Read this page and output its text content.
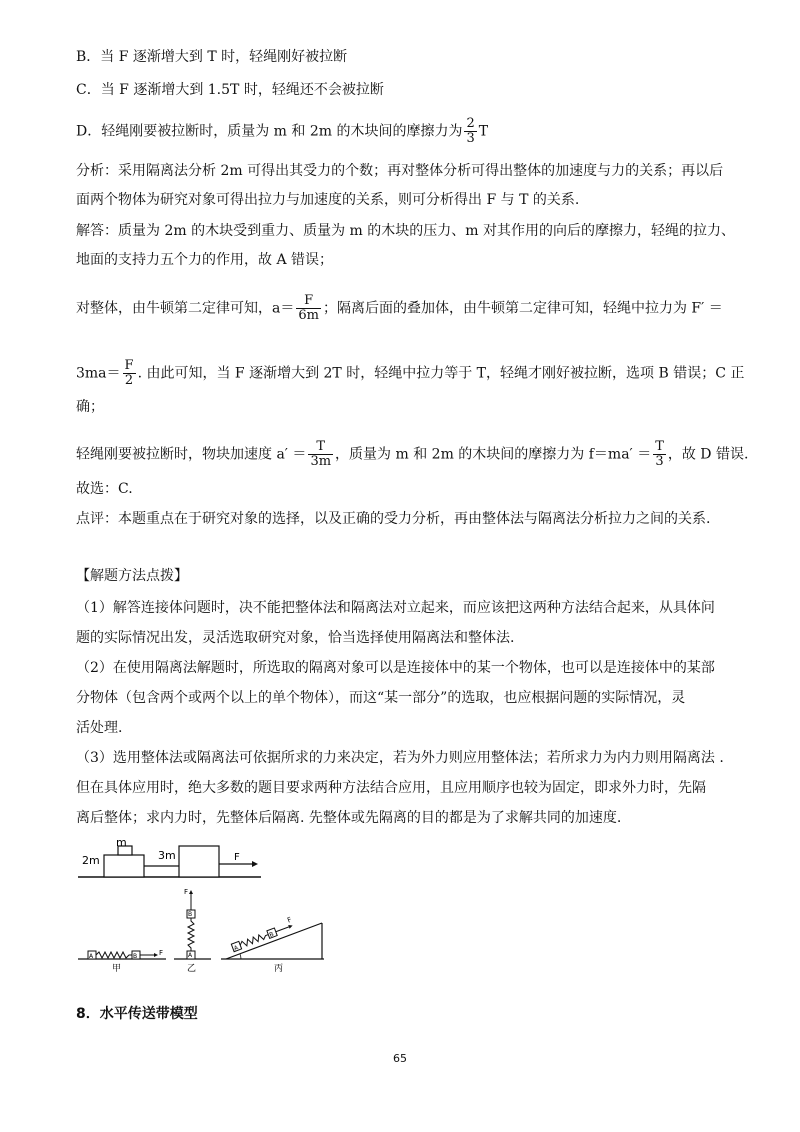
B．当 F 逐渐增大到 T 时，轻绳刚好被拉断
C．当 F 逐渐增大到 1.5T 时，轻绳还不会被拉断
D．轻绳刚要被拉断时，质量为 m 和 2m 的木块间的摩擦力为 $\frac{2}{3}$ T
分析：采用隔离法分析 2m 可得出其受力的个数；再对整体分析可得出整体的加速度与力的关系；再以后
面两个物体为研究对象可得出拉力与加速度的关系，则可分析得出 F 与 T 的关系.
解答：质量为 2m 的木块受到重力、质量为 m 的木块的压力、m 对其作用的向后的摩擦力，轻绳的拉力、
地面的支持力五个力的作用，故 A 错误；
对整体，由牛顿第二定律可知，$a= \frac{F}{6m}$ ；隔离后面的叠加体，由牛顿第二定律可知，轻绳中拉力为 F′ ＝
$3ma= \frac{F}{2}$ . 由此可知，当 F 逐渐增大到 2T 时，轻绳中拉力等于 T，轻绳才刚好被拉断，选项 B 错误；C 正
确；
轻绳刚要被拉断时，物块加速度 $a' = \frac{T}{3m}$ ，质量为 m 和 2m 的木块间的摩擦力为 $f=ma' = \frac{T}{3}$ ，故 D 错误.
故选：C.
点评：本题重点在于研究对象的选择，以及正确的受力分析，再由整体法与隔离法分析拉力之间的关系.
【解题方法点拨】
（1）解答连接体问题时，决不能把整体法和隔离法对立起来，而应该把这两种方法结合起来，从具体问
题的实际情况出发，灵活选取研究对象，恰当选择使用隔离法和整体法.
（2）在使用隔离法解题时，所选取的隔离对象可以是连接体中的某一个物体，也可以是连接体中的某部
分物体（包含两个或两个以上的单个物体），而这“某一部分”的选取，也应根据问题的实际情况，灵
活处理.
（3）选用整体法或隔离法可依据所求的力来决定，若为外力则应用整体法；若所求力为内力则用隔离法 .
但在具体应用时，绝大多数的题目要求两种方法结合应用，且应用顺序也较为固定，即求外力时，先隔
离后整体；求内力时，先整体后隔离. 先整体或先隔离的目的都是为了求解共同的加速度.
2m
m
3m	F
A	B	F
甲
A
B
F
乙
A
B
F
丙
8．水平传送带模型
65
